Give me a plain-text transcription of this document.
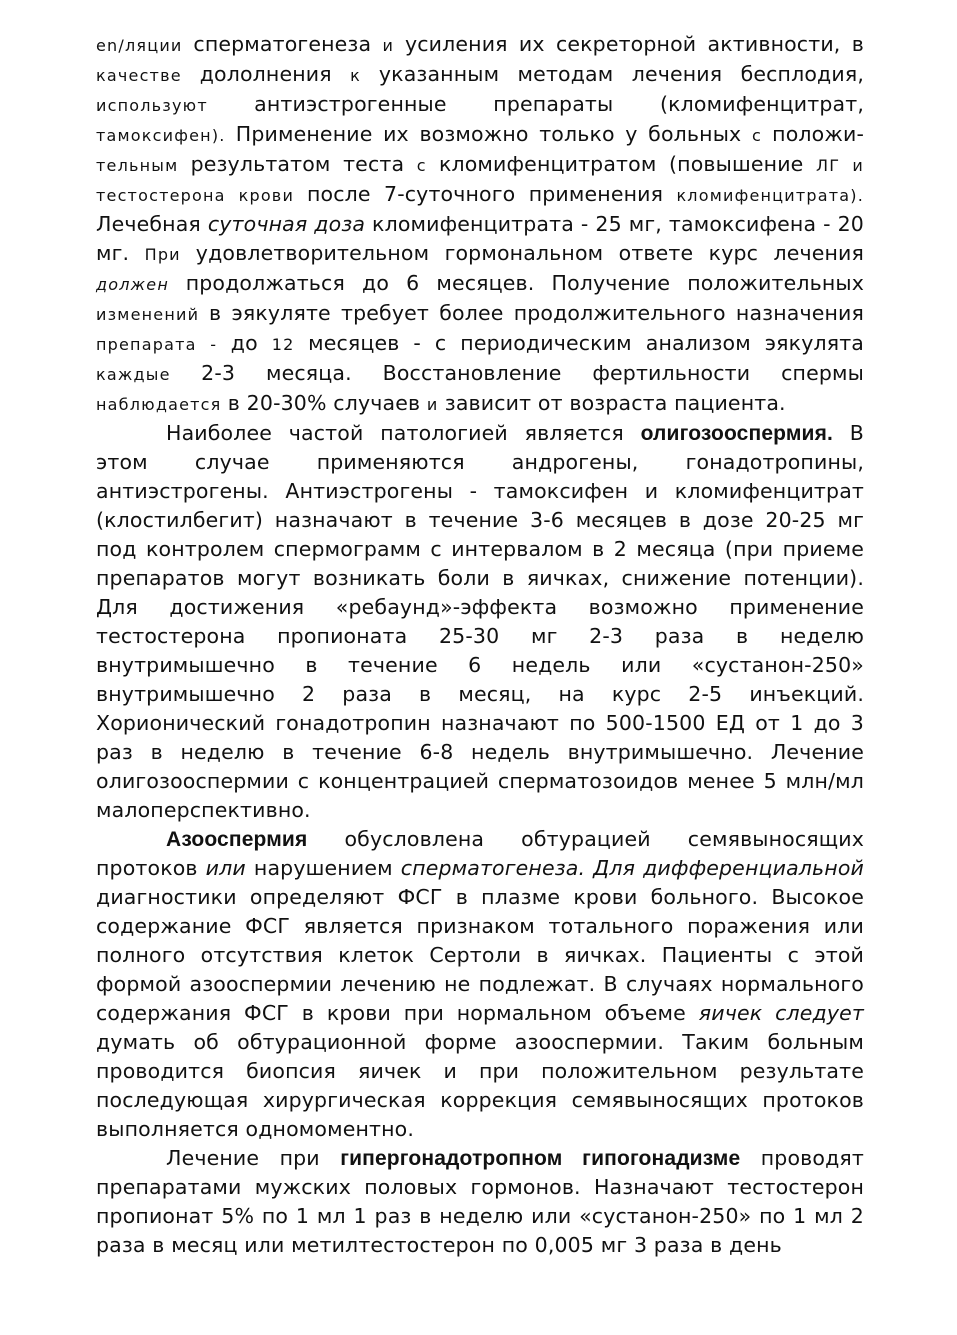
en/ляции сперматогенеза и усиления их секреторной активности, в качестве дололнения к указанным методам лечения бесплодия, используют антиэстрогенные препараты (кломифенцитрат, тамоксифен). Применение их возможно только у больных с положи-тельным результатом теста с кломифенцитратом (повышение ЛГ и тестостерона крови после 7-суточного применения кломифенцитрата). Лечебная суточная доза кломифенцитрата - 25 мг, тамоксифена - 20 мг. При удовлетворительном гормональном ответе курс лечения должен продолжаться до 6 месяцев. Получение положительных изменений в эякуляте требует более продолжительного назначения препарата - до 12 месяцев - с периодическим анализом эякулята каждые 2-3 месяца. Восстановление фертильности спермы наблюдается в 20-30% случаев и зависит от возраста пациента.

Наиболее частой патологией является олигозооспермия. В этом случае применяются андрогены, гонадотропины, антиэстрогены. Антиэстрогены - тамоксифен и кломифенцитрат (клостилбегит) назначают в течение 3-6 месяцев в дозе 20-25 мг под контролем спермограмм с интервалом в 2 месяца (при приеме препаратов могут возникать боли в яичках, снижение потенции). Для достижения «ребаунд»-эффекта возможно применение тестостерона пропионата 25-30 мг 2-3 раза в неделю внутримышечно в течение 6 недель или «сустанон-250» внутримышечно 2 раза в месяц, на курс 2-5 инъекций. Хорионический гонадотропин назначают по 500-1500 ЕД от 1 до 3 раз в неделю в течение 6-8 недель внутримышечно. Лечение олигозооспермии с концентрацией сперматозоидов менее 5 млн/мл малоперспективно.

Азооспермия обусловлена обтурацией семявыносящих протоков или нарушением сперматогенеза. Для дифференциальной диагностики определяют ФСГ в плазме крови больного. Высокое содержание ФСГ является признаком тотального поражения или полного отсутствия клеток Сертоли в яичках. Пациенты с этой формой азооспермии лечению не подлежат. В случаях нормального содержания ФСГ в крови при нормальном объеме яичек следует думать об обтурационной форме азооспермии. Таким больным проводится биопсия яичек и при положительном результате последующая хирургическая коррекция семявыносящих протоков выполняется одномоментно.

Лечение при гипергонадотропном гипогонадизме проводят препаратами мужских половых гормонов. Назначают тестостерон пропионат 5% по 1 мл 1 раз в неделю или «сустанон-250» по 1 мл 2 раза в месяц или метилтестостерон по 0,005 мг 3 раза в день
